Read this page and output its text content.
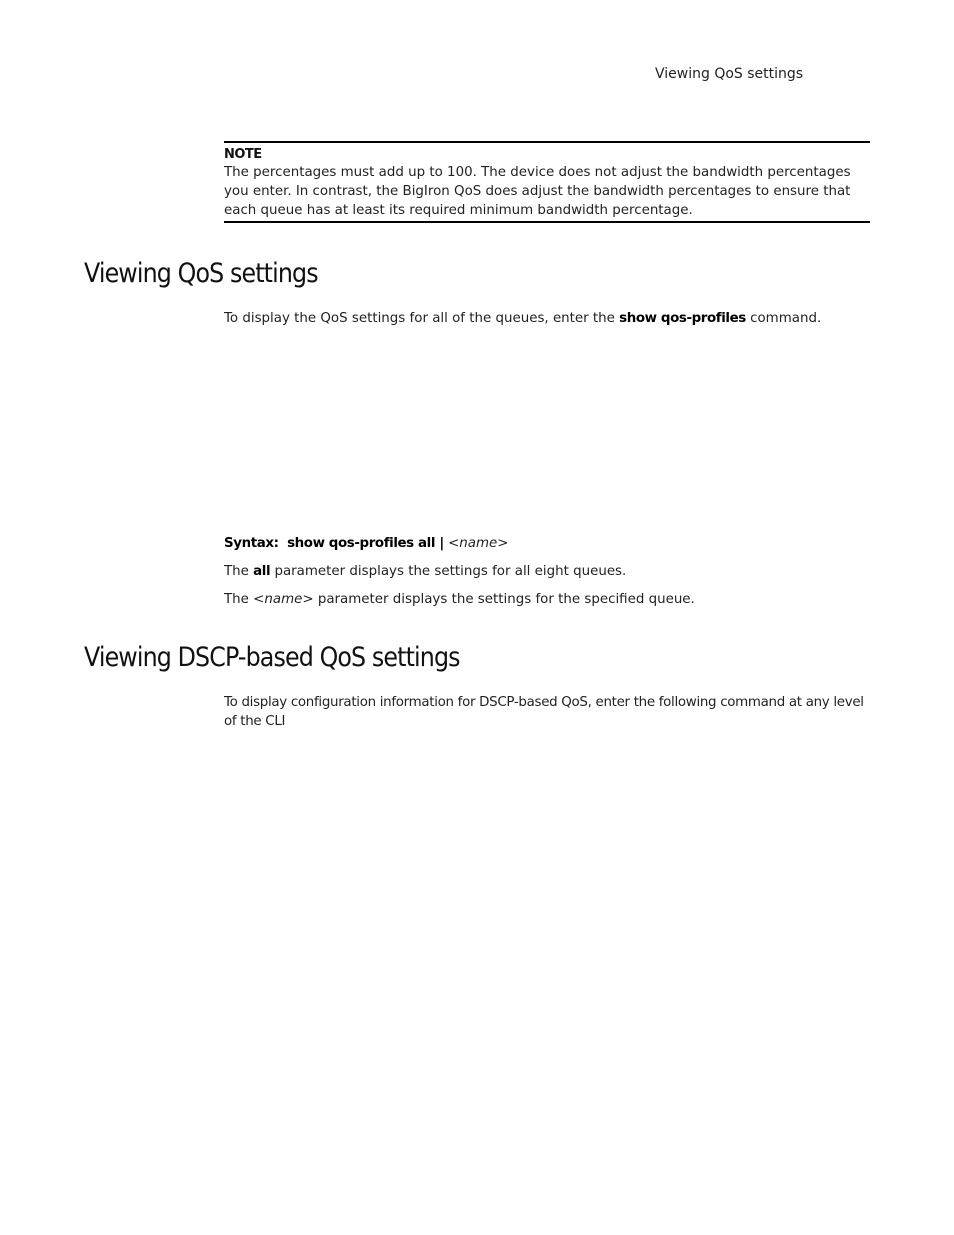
Viewing QoS settings
NOTE
The percentages must add up to 100. The device does not adjust the bandwidth percentages you enter. In contrast, the BigIron QoS does adjust the bandwidth percentages to ensure that each queue has at least its required minimum bandwidth percentage.
Viewing QoS settings

To display the QoS settings for all of the queues, enter the show qos-profiles command.

Syntax: show qos-profiles all | <name>

The all parameter displays the settings for all eight queues.

The <name> parameter displays the settings for the specified queue.

Viewing DSCP-based QoS settings

To display configuration information for DSCP-based QoS, enter the following command at any level of the CLI
